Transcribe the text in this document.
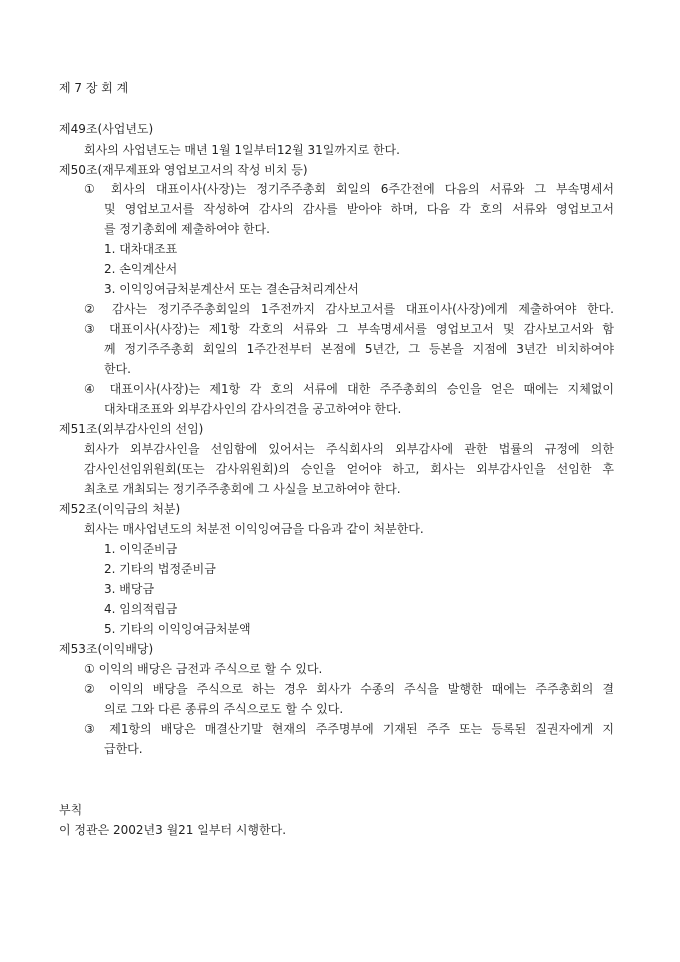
제 7 장 회 계
제49조(사업년도)
회사의 사업년도는 매년 1월 1일부터12월 31일까지로 한다.
제50조(재무제표와 영업보고서의 작성 비치 등)
① 회사의 대표이사(사장)는 정기주주총회 회일의 6주간전에 다음의 서류와 그 부속명세서
및 영업보고서를 작성하여 감사의 감사를 받아야 하며, 다음 각 호의 서류와 영업보고서
를 정기총회에 제출하여야 한다.
1. 대차대조표
2. 손익계산서
3. 이익잉여금처분계산서 또는 결손금처리계산서
② 감사는 정기주주총회일의 1주전까지 감사보고서를 대표이사(사장)에게 제출하여야 한다.
③ 대표이사(사장)는 제1항 각호의 서류와 그 부속명세서를 영업보고서 및 감사보고서와 함
께 정기주주총회 회일의 1주간전부터 본점에 5년간, 그 등본을 지점에 3년간 비치하여야
한다.
④ 대표이사(사장)는 제1항 각 호의 서류에 대한 주주총회의 승인을 얻은 때에는 지체없이
대차대조표와 외부감사인의 감사의견을 공고하여야 한다.
제51조(외부감사인의 선임)
회사가 외부감사인을 선임함에 있어서는 주식회사의 외부감사에 관한 법률의 규정에 의한
감사인선임위원회(또는 감사위원회)의 승인을 얻어야 하고, 회사는 외부감사인을 선임한 후
최초로 개최되는 정기주주총회에 그 사실을 보고하여야 한다.
제52조(이익금의 처분)
회사는 매사업년도의 처분전 이익잉여금을 다음과 같이 처분한다.
1. 이익준비금
2. 기타의 법정준비금
3. 배당금
4. 임의적립금
5. 기타의 이익잉여금처분액
제53조(이익배당)
① 이익의 배당은 금전과 주식으로 할 수 있다.
② 이익의 배당을 주식으로 하는 경우 회사가 수종의 주식을 발행한 때에는 주주총회의 결
의로 그와 다른 종류의 주식으로도 할 수 있다.
③ 제1항의 배당은 매결산기말 현재의 주주명부에 기재된 주주 또는 등록된 질권자에게 지
급한다.
부칙
이 정관은 2002년3 월21 일부터 시행한다.
